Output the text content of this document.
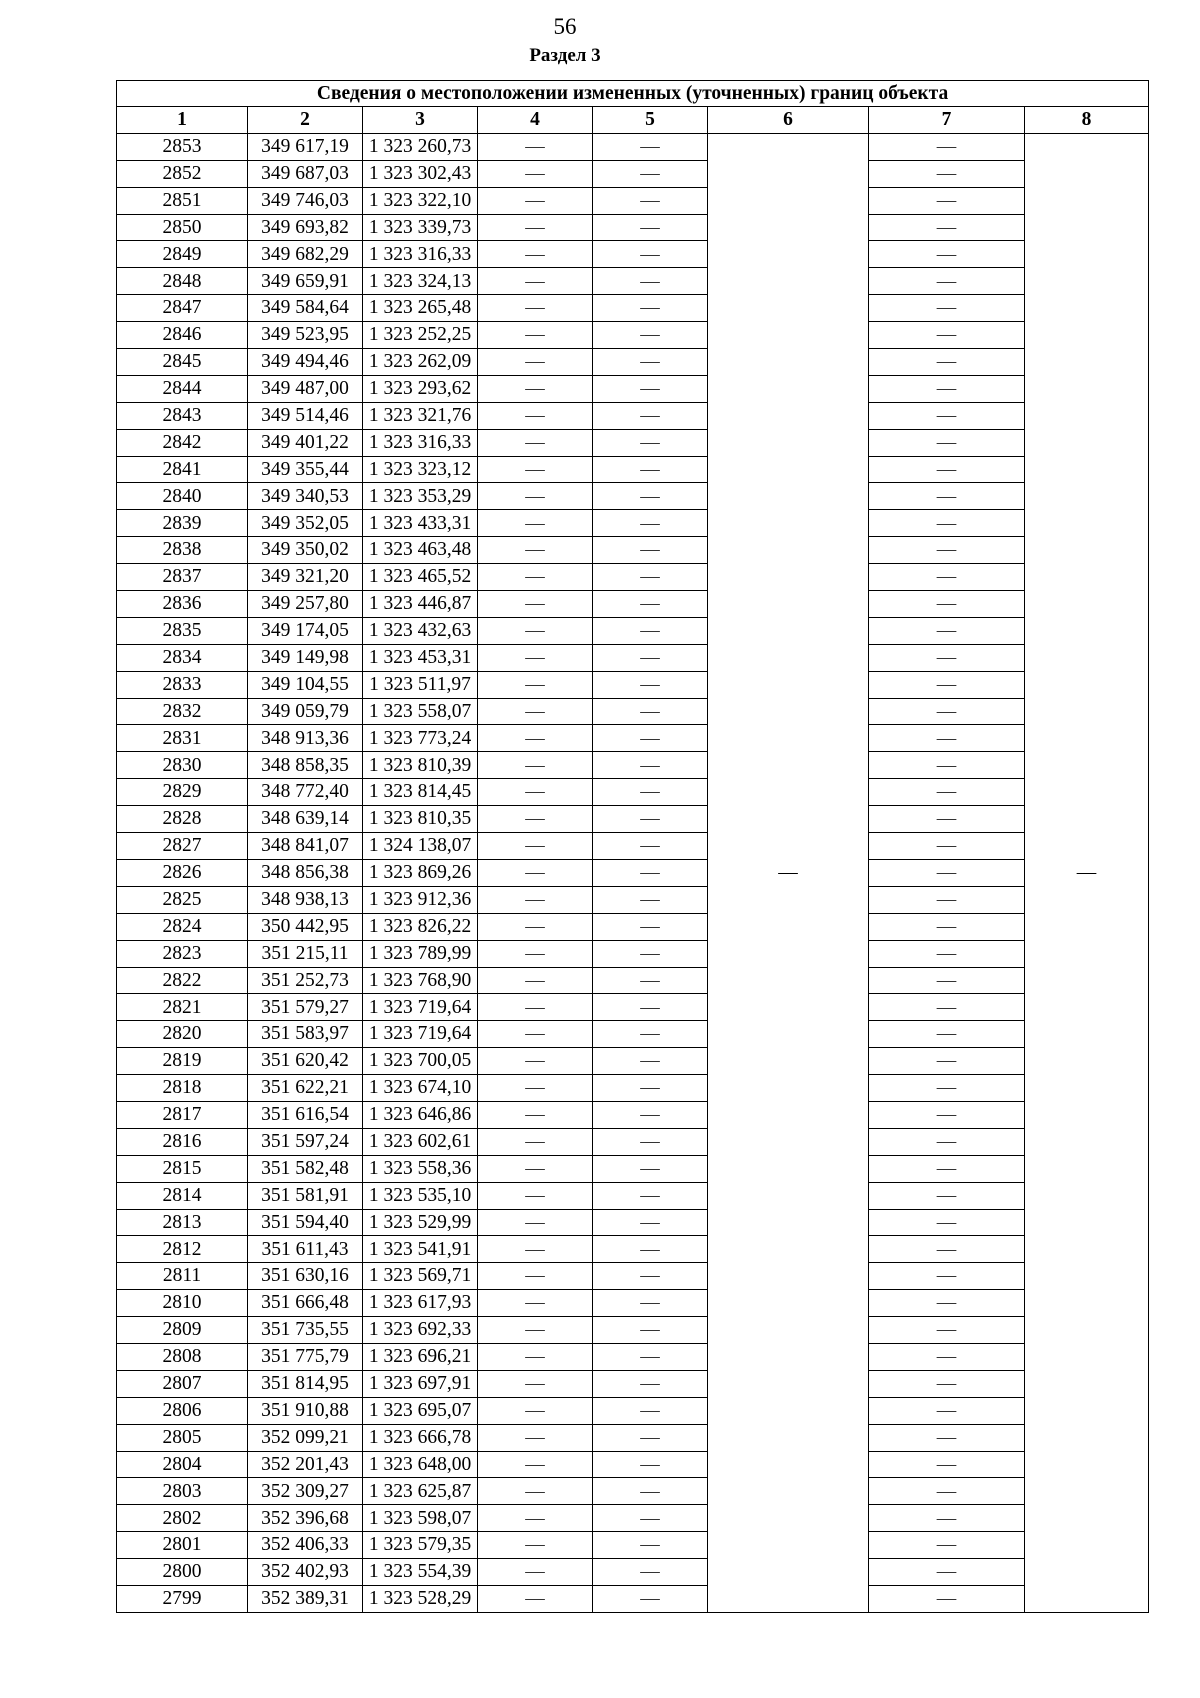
56
Раздел 3
Сведения о местоположении измененных (уточненных) границ объекта							
1	2	3	4	5	6	7	8
2853	349 617,19	1 323 260,73	—	—	—	—	—
2852	349 687,03	1 323 302,43	—	—		—	
2851	349 746,03	1 323 322,10	—	—		—	
2850	349 693,82	1 323 339,73	—	—		—	
2849	349 682,29	1 323 316,33	—	—		—	
2848	349 659,91	1 323 324,13	—	—		—	
2847	349 584,64	1 323 265,48	—	—		—	
2846	349 523,95	1 323 252,25	—	—		—	
2845	349 494,46	1 323 262,09	—	—		—	
2844	349 487,00	1 323 293,62	—	—		—	
2843	349 514,46	1 323 321,76	—	—		—	
2842	349 401,22	1 323 316,33	—	—		—	
2841	349 355,44	1 323 323,12	—	—		—	
2840	349 340,53	1 323 353,29	—	—		—	
2839	349 352,05	1 323 433,31	—	—		—	
2838	349 350,02	1 323 463,48	—	—		—	
2837	349 321,20	1 323 465,52	—	—		—	
2836	349 257,80	1 323 446,87	—	—		—	
2835	349 174,05	1 323 432,63	—	—		—	
2834	349 149,98	1 323 453,31	—	—		—	
2833	349 104,55	1 323 511,97	—	—		—	
2832	349 059,79	1 323 558,07	—	—		—	
2831	348 913,36	1 323 773,24	—	—		—	
2830	348 858,35	1 323 810,39	—	—		—	
2829	348 772,40	1 323 814,45	—	—		—	
2828	348 639,14	1 323 810,35	—	—		—	
2827	348 841,07	1 324 138,07	—	—		—	
2826	348 856,38	1 323 869,26	—	—		—	
2825	348 938,13	1 323 912,36	—	—		—	
2824	350 442,95	1 323 826,22	—	—		—	
2823	351 215,11	1 323 789,99	—	—		—	
2822	351 252,73	1 323 768,90	—	—		—	
2821	351 579,27	1 323 719,64	—	—		—	
2820	351 583,97	1 323 719,64	—	—		—	
2819	351 620,42	1 323 700,05	—	—		—	
2818	351 622,21	1 323 674,10	—	—		—	
2817	351 616,54	1 323 646,86	—	—		—	
2816	351 597,24	1 323 602,61	—	—		—	
2815	351 582,48	1 323 558,36	—	—		—	
2814	351 581,91	1 323 535,10	—	—		—	
2813	351 594,40	1 323 529,99	—	—		—	
2812	351 611,43	1 323 541,91	—	—		—	
2811	351 630,16	1 323 569,71	—	—		—	
2810	351 666,48	1 323 617,93	—	—		—	
2809	351 735,55	1 323 692,33	—	—		—	
2808	351 775,79	1 323 696,21	—	—		—	
2807	351 814,95	1 323 697,91	—	—		—	
2806	351 910,88	1 323 695,07	—	—		—	
2805	352 099,21	1 323 666,78	—	—		—	
2804	352 201,43	1 323 648,00	—	—		—	
2803	352 309,27	1 323 625,87	—	—		—	
2802	352 396,68	1 323 598,07	—	—		—	
2801	352 406,33	1 323 579,35	—	—		—	
2800	352 402,93	1 323 554,39	—	—		—	
2799	352 389,31	1 323 528,29	—	—		—	
